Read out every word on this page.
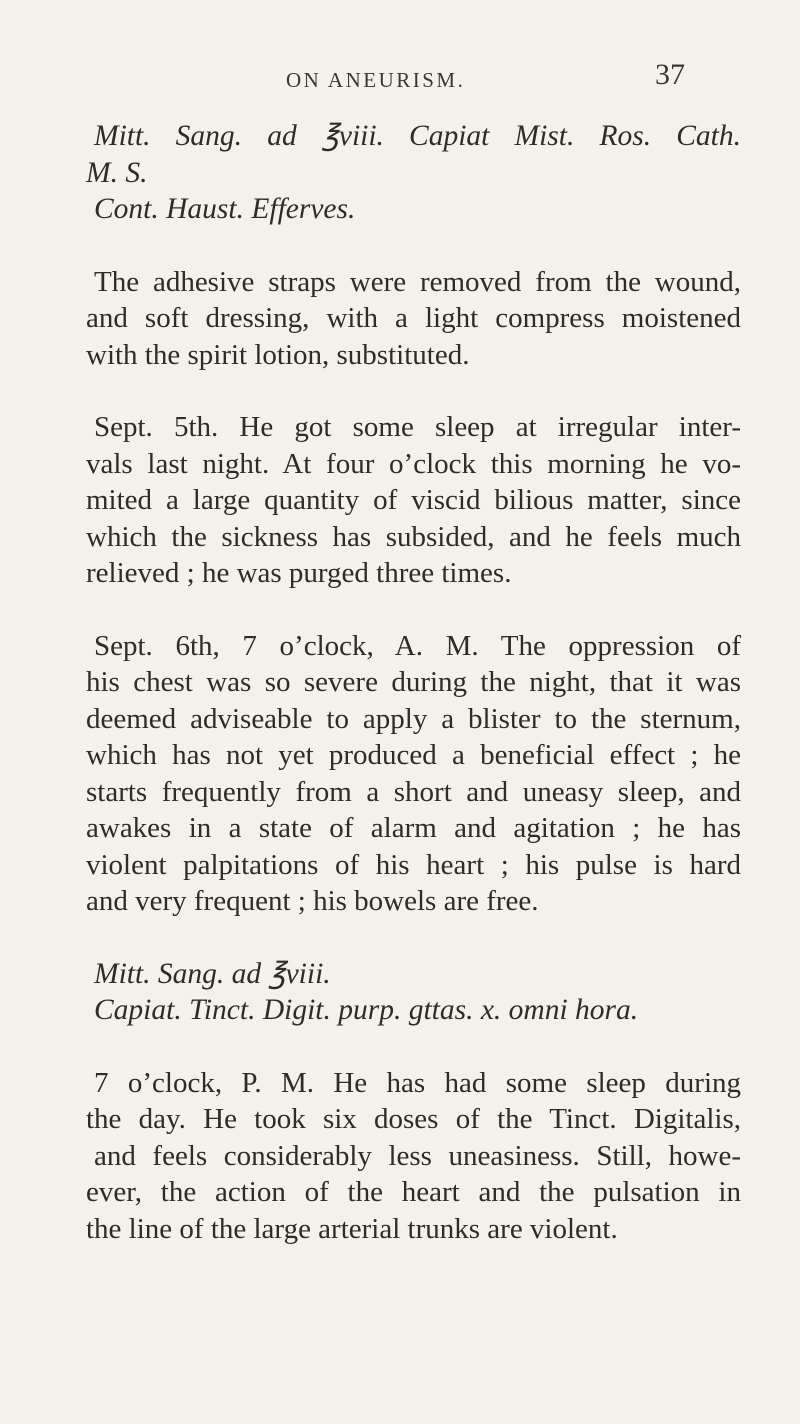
ON ANEURISM.	37
Mitt. Sang. ad ℥viii. Capiat Mist. Ros. Cath.
M. S.
Cont. Haust. Efferves.
The adhesive straps were removed from the wound,
and soft dressing, with a light compress moistened
with the spirit lotion, substituted.
Sept. 5th. He got some sleep at irregular inter-
vals last night. At four o’clock this morning he vo-
mited a large quantity of viscid bilious matter, since
which the sickness has subsided, and he feels much
relieved ; he was purged three times.
Sept. 6th, 7 o’clock, A. M. The oppression of
his chest was so severe during the night, that it was
deemed adviseable to apply a blister to the sternum,
which has not yet produced a beneficial effect ; he
starts frequently from a short and uneasy sleep, and
awakes in a state of alarm and agitation ; he has
violent palpitations of his heart ; his pulse is hard
and very frequent ; his bowels are free.
Mitt. Sang. ad ℥viii.
Capiat. Tinct. Digit. purp. gttas. x. omni hora.
7 o’clock, P. M. He has had some sleep during
the day. He took six doses of the Tinct. Digitalis,
and feels considerably less uneasiness. Still, howe-
ever, the action of the heart and the pulsation in
the line of the large arterial trunks are violent.
